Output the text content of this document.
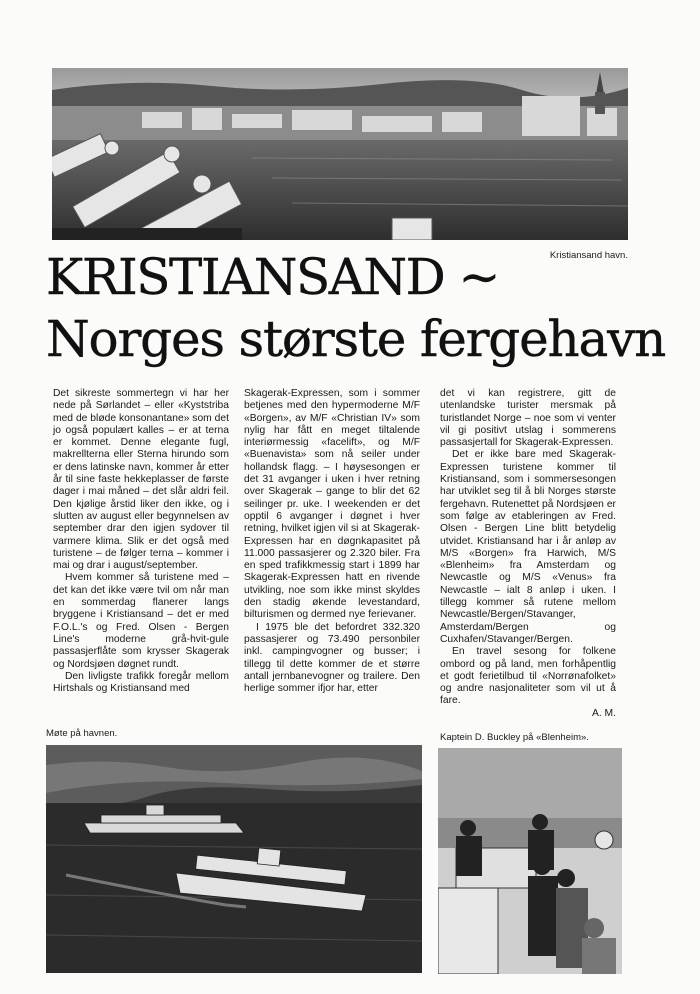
Kristiansand havn.
KRISTIANSAND ~
Norges største fergehavn

Det sikreste sommertegn vi har her nede på Sørlandet – eller «Kyststriba med de bløde konsonantane» som det jo også populært kalles – er at terna er kommet. Denne elegante fugl, makrellterna eller Sterna hirundo som er dens latinske navn, kommer år etter år til sine faste hekkeplasser de første dager i mai måned – det slår aldri feil. Den kjølige årstid liker den ikke, og i slutten av august eller begynnelsen av september drar den igjen sydover til varmere klima. Slik er det også med turistene – de følger terna – kommer i mai og drar i august/september.

Hvem kommer så turistene med – det kan det ikke være tvil om når man en sommerdag flanerer langs bryggene i Kristiansand – det er med F.O.L.'s og Fred. Olsen - Bergen Line's moderne grå-hvit-gule passasjerflåte som krysser Skagerak og Nordsjøen døgnet rundt.

Den livligste trafikk foregår mellom Hirtshals og Kristiansand med

Skagerak-Expressen, som i sommer betjenes med den hypermoderne M/F «Borgen», av M/F «Christian IV» som nylig har fått en meget tiltalende interiørmessig «facelift», og M/F «Buenavista» som nå seiler under hollandsk flagg. – I høysesongen er det 31 avganger i uken i hver retning over Skagerak – gange to blir det 62 seilinger pr. uke. I weekenden er det opptil 6 avganger i døgnet i hver retning, hvilket igjen vil si at Skagerak-Expressen har en døgnkapasitet på 11.000 passasjerer og 2.320 biler. Fra en sped trafikkmessig start i 1899 har Skagerak-Expressen hatt en rivende utvikling, noe som ikke minst skyldes den stadig økende levestandard, bilturismen og dermed nye ferievaner.

I 1975 ble det befordret 332.320 passasjerer og 73.490 personbiler inkl. campingvogner og busser; i tillegg til dette kommer de et større antall jernbanevogner og trailere. Den herlige sommer ifjor har, etter

det vi kan registrere, gitt de utenlandske turister mersmak på turistlandet Norge – noe som vi venter vil gi positivt utslag i sommerens passasjertall for Skagerak-Expressen.

Det er ikke bare med Skagerak-Expressen turistene kommer til Kristiansand, som i sommersesongen har utviklet seg til å bli Norges største fergehavn. Rutenettet på Nordsjøen er som følge av etableringen av Fred. Olsen - Bergen Line blitt betydelig utvidet. Kristiansand har i år anløp av M/S «Borgen» fra Harwich, M/S «Blenheim» fra Amsterdam og Newcastle og M/S «Venus» fra Newcastle – ialt 8 anløp i uken. I tillegg kommer så rutene mellom Newcastle/Bergen/Stavanger, Amsterdam/Bergen og Cuxhafen/Stavanger/Bergen.

En travel sesong for folkene ombord og på land, men forhåpentlig et godt ferietilbud til «Norrønafolket» og andre nasjonaliteter som vil ut å fare.

A. M.
Møte på havnen.	Kaptein D. Buckley på «Blenheim».
